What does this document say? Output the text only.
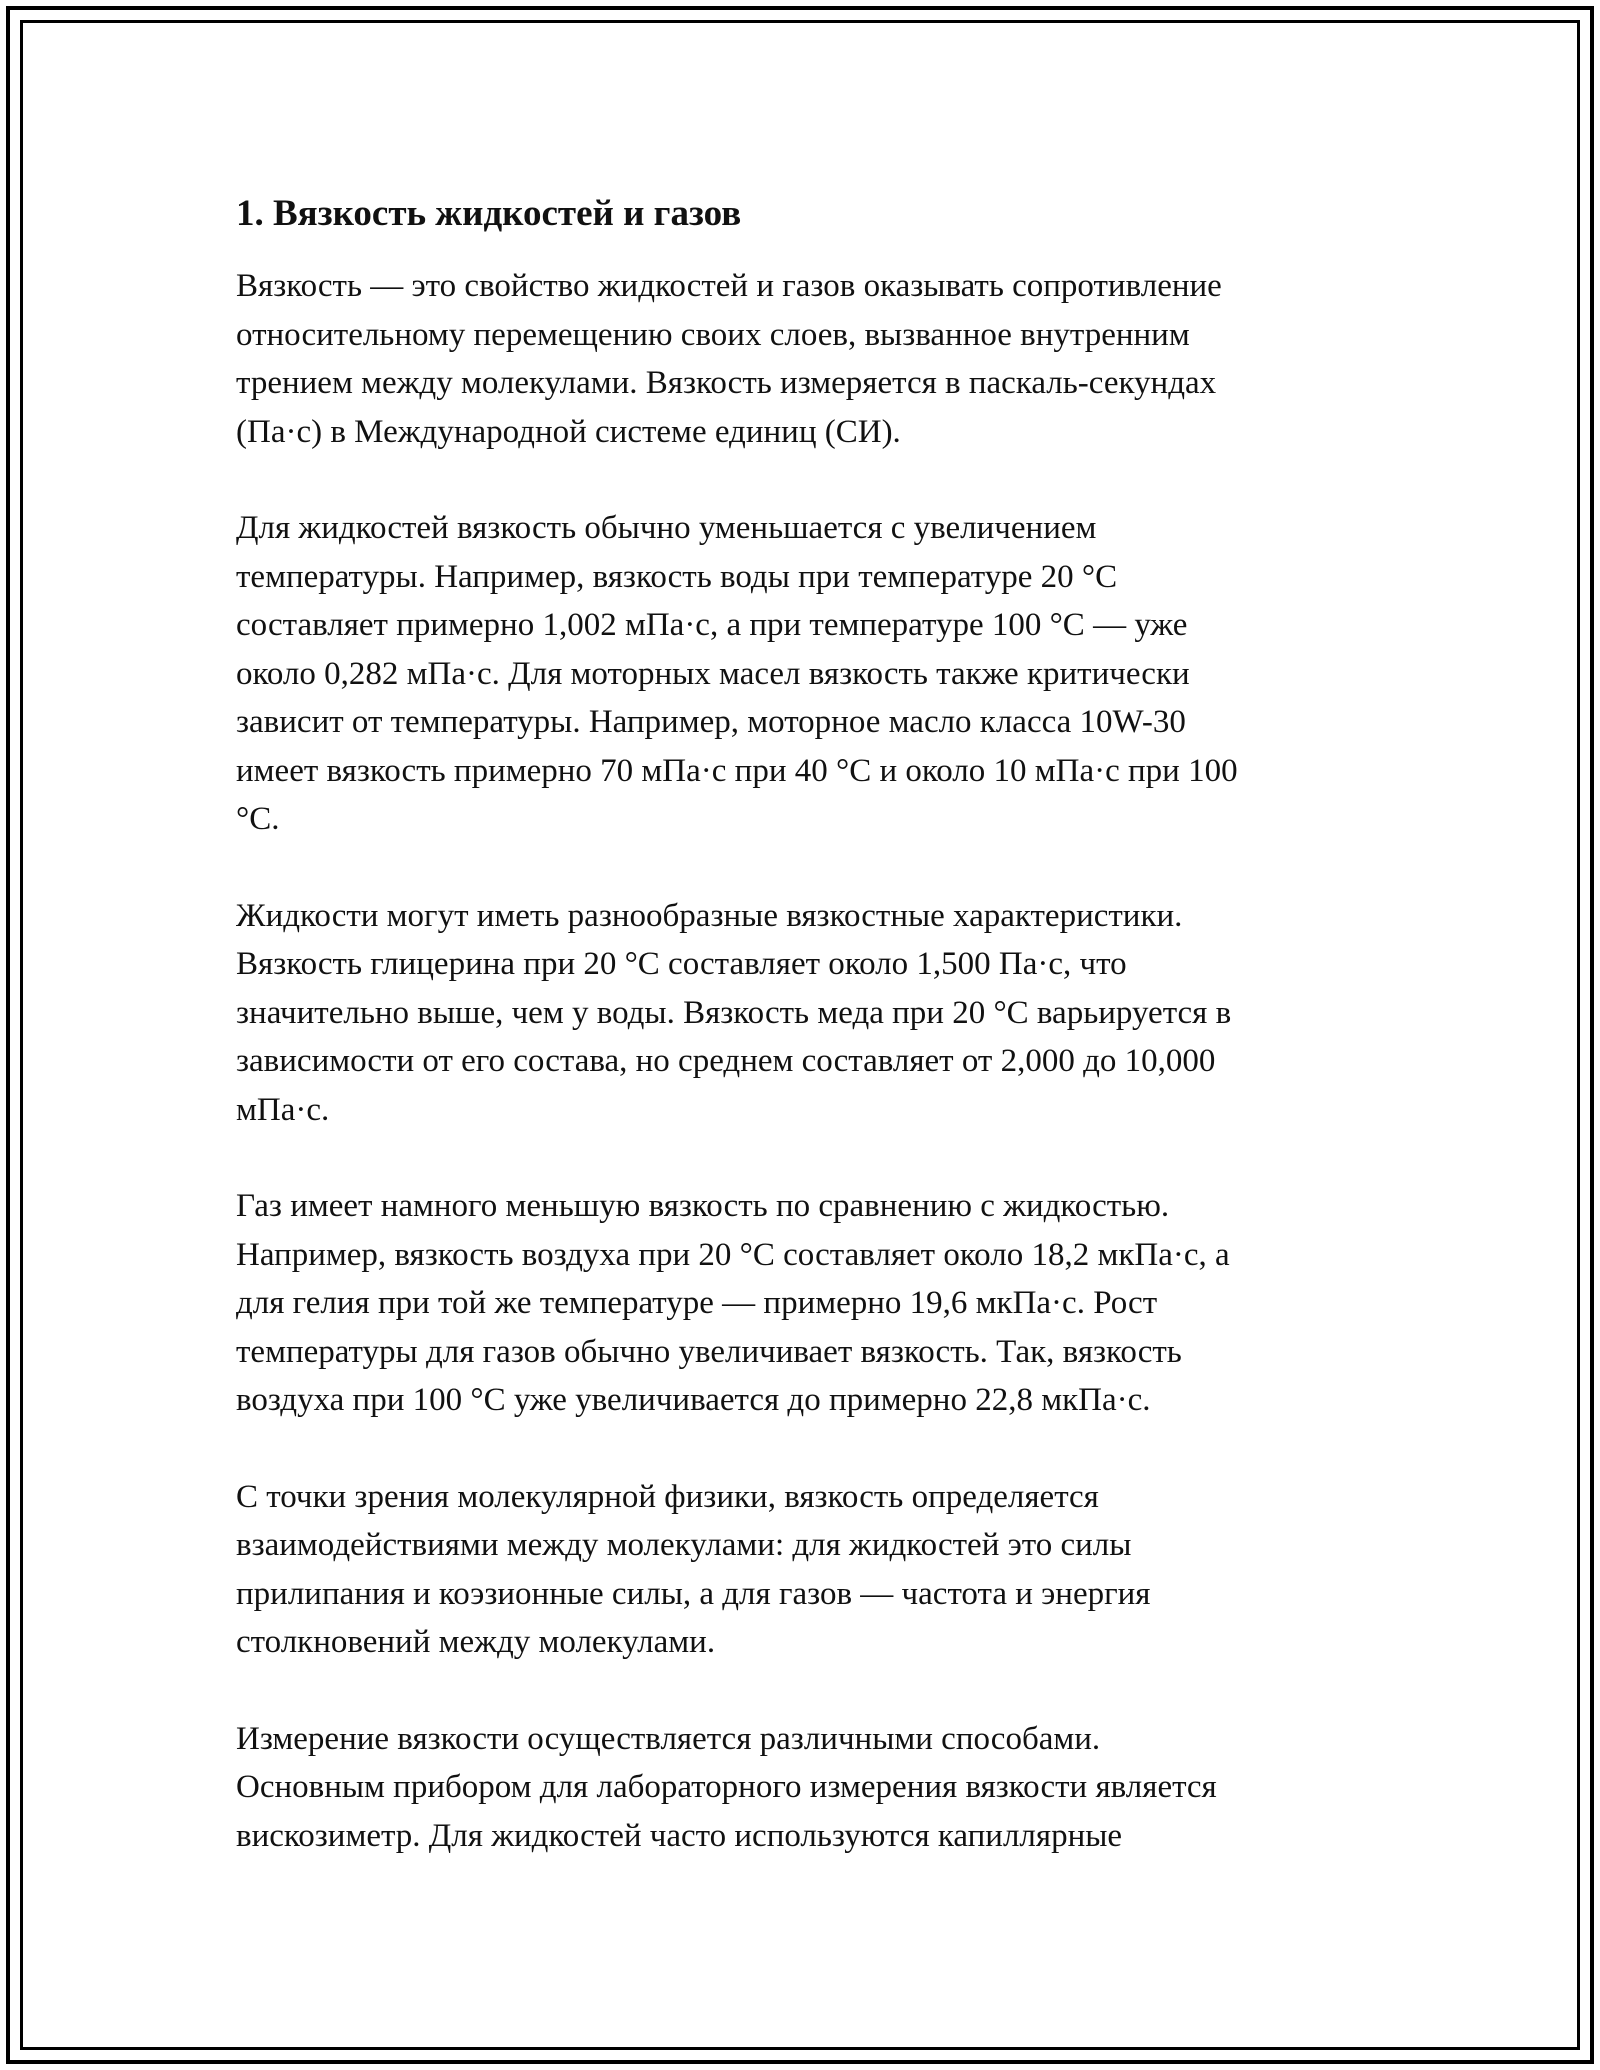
1. Вязкость жидкостей и газов

Вязкость — это свойство жидкостей и газов оказывать сопротивление
относительному перемещению своих слоев, вызванное внутренним
трением между молекулами. Вязкость измеряется в паскаль-секундах
(Па·с) в Международной системе единиц (СИ).

Для жидкостей вязкость обычно уменьшается с увеличением
температуры. Например, вязкость воды при температуре 20 °C
составляет примерно 1,002 мПа·с, а при температуре 100 °C — уже
около 0,282 мПа·с. Для моторных масел вязкость также критически
зависит от температуры. Например, моторное масло класса 10W-30
имеет вязкость примерно 70 мПа·с при 40 °C и около 10 мПа·с при 100
°C.

Жидкости могут иметь разнообразные вязкостные характеристики.
Вязкость глицерина при 20 °C составляет около 1,500 Па·с, что
значительно выше, чем у воды. Вязкость меда при 20 °C варьируется в
зависимости от его состава, но среднем составляет от 2,000 до 10,000
мПа·с.

Газ имеет намного меньшую вязкость по сравнению с жидкостью.
Например, вязкость воздуха при 20 °C составляет около 18,2 мкПа·с, а
для гелия при той же температуре — примерно 19,6 мкПа·с. Рост
температуры для газов обычно увеличивает вязкость. Так, вязкость
воздуха при 100 °C уже увеличивается до примерно 22,8 мкПа·с.

С точки зрения молекулярной физики, вязкость определяется
взаимодействиями между молекулами: для жидкостей это силы
прилипания и коэзионные силы, а для газов — частота и энергия
столкновений между молекулами.

Измерение вязкости осуществляется различными способами.
Основным прибором для лабораторного измерения вязкости является
вискозиметр. Для жидкостей часто используются капиллярные
